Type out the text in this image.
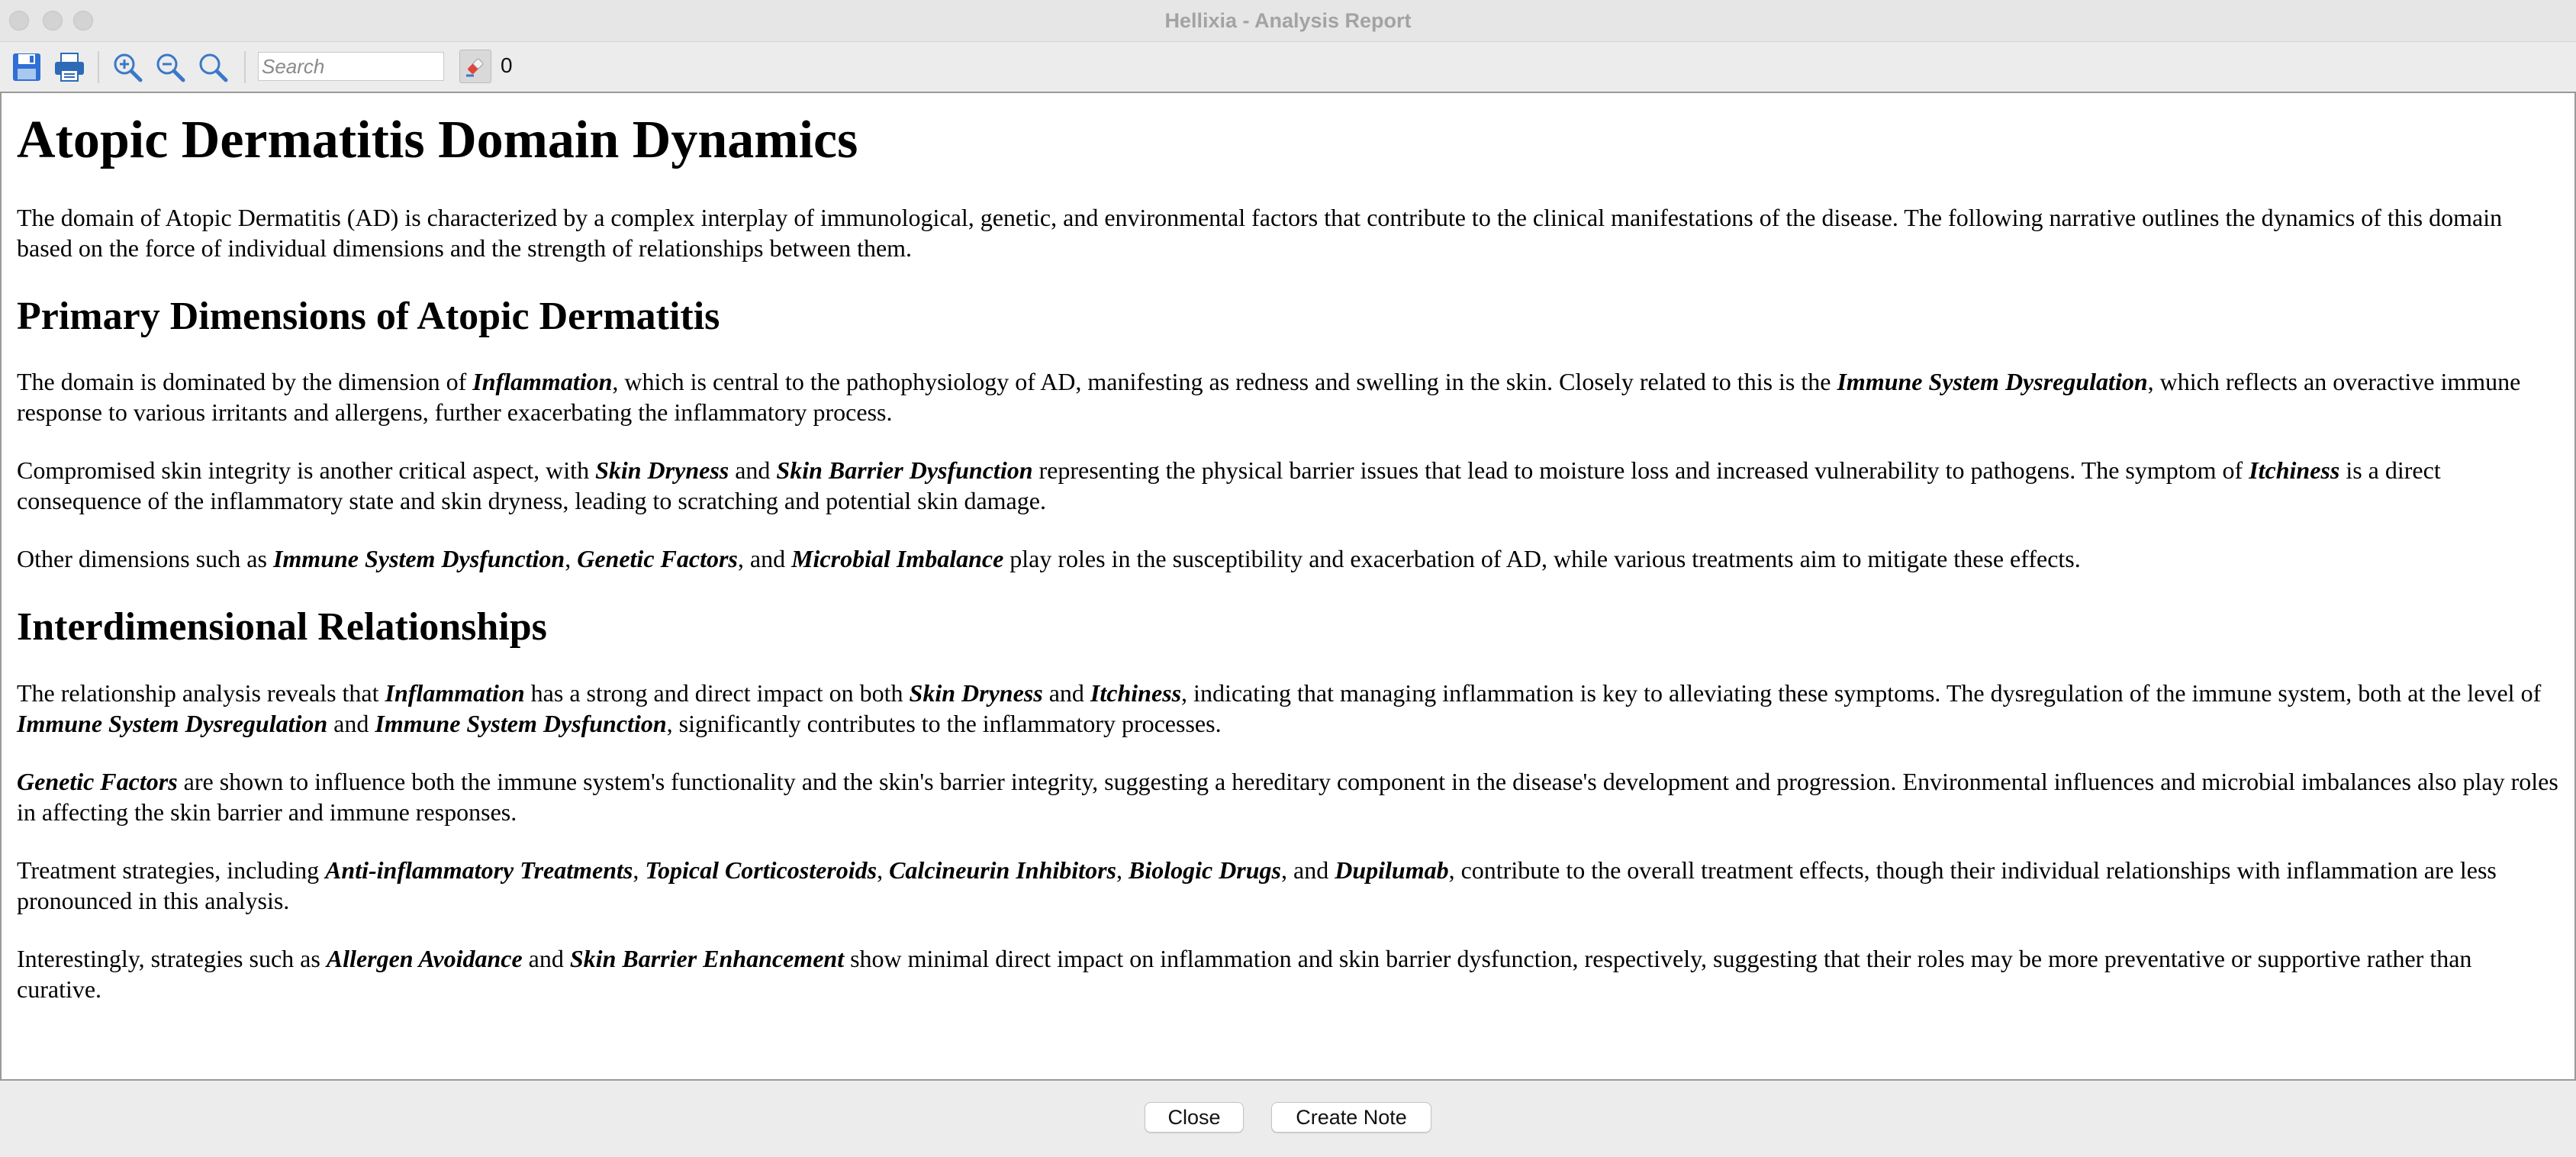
Hellixia - Analysis Report
Search
0
Atopic Dermatitis Domain Dynamics

The domain of Atopic Dermatitis (AD) is characterized by a complex interplay of immunological, genetic, and environmental factors that contribute to the clinical manifestations of the disease. The following narrative outlines the dynamics of this domain based on the force of individual dimensions and the strength of relationships between them.

Primary Dimensions of Atopic Dermatitis

The domain is dominated by the dimension of Inflammation, which is central to the pathophysiology of AD, manifesting as redness and swelling in the skin. Closely related to this is the Immune System Dysregulation, which reflects an overactive immune response to various irritants and allergens, further exacerbating the inflammatory process.

Compromised skin integrity is another critical aspect, with Skin Dryness and Skin Barrier Dysfunction representing the physical barrier issues that lead to moisture loss and increased vulnerability to pathogens. The symptom of Itchiness is a direct consequence of the inflammatory state and skin dryness, leading to scratching and potential skin damage.

Other dimensions such as Immune System Dysfunction, Genetic Factors, and Microbial Imbalance play roles in the susceptibility and exacerbation of AD, while various treatments aim to mitigate these effects.

Interdimensional Relationships

The relationship analysis reveals that Inflammation has a strong and direct impact on both Skin Dryness and Itchiness, indicating that managing inflammation is key to alleviating these symptoms. The dysregulation of the immune system, both at the level of Immune System Dysregulation and Immune System Dysfunction, significantly contributes to the inflammatory processes.

Genetic Factors are shown to influence both the immune system's functionality and the skin's barrier integrity, suggesting a hereditary component in the disease's development and progression. Environmental influences and microbial imbalances also play roles in affecting the skin barrier and immune responses.

Treatment strategies, including Anti-inflammatory Treatments, Topical Corticosteroids, Calcineurin Inhibitors, Biologic Drugs, and Dupilumab, contribute to the overall treatment effects, though their individual relationships with inflammation are less pronounced in this analysis.

Interestingly, strategies such as Allergen Avoidance and Skin Barrier Enhancement show minimal direct impact on inflammation and skin barrier dysfunction, respectively, suggesting that their roles may be more preventative or supportive rather than curative.

Close	Create Note
